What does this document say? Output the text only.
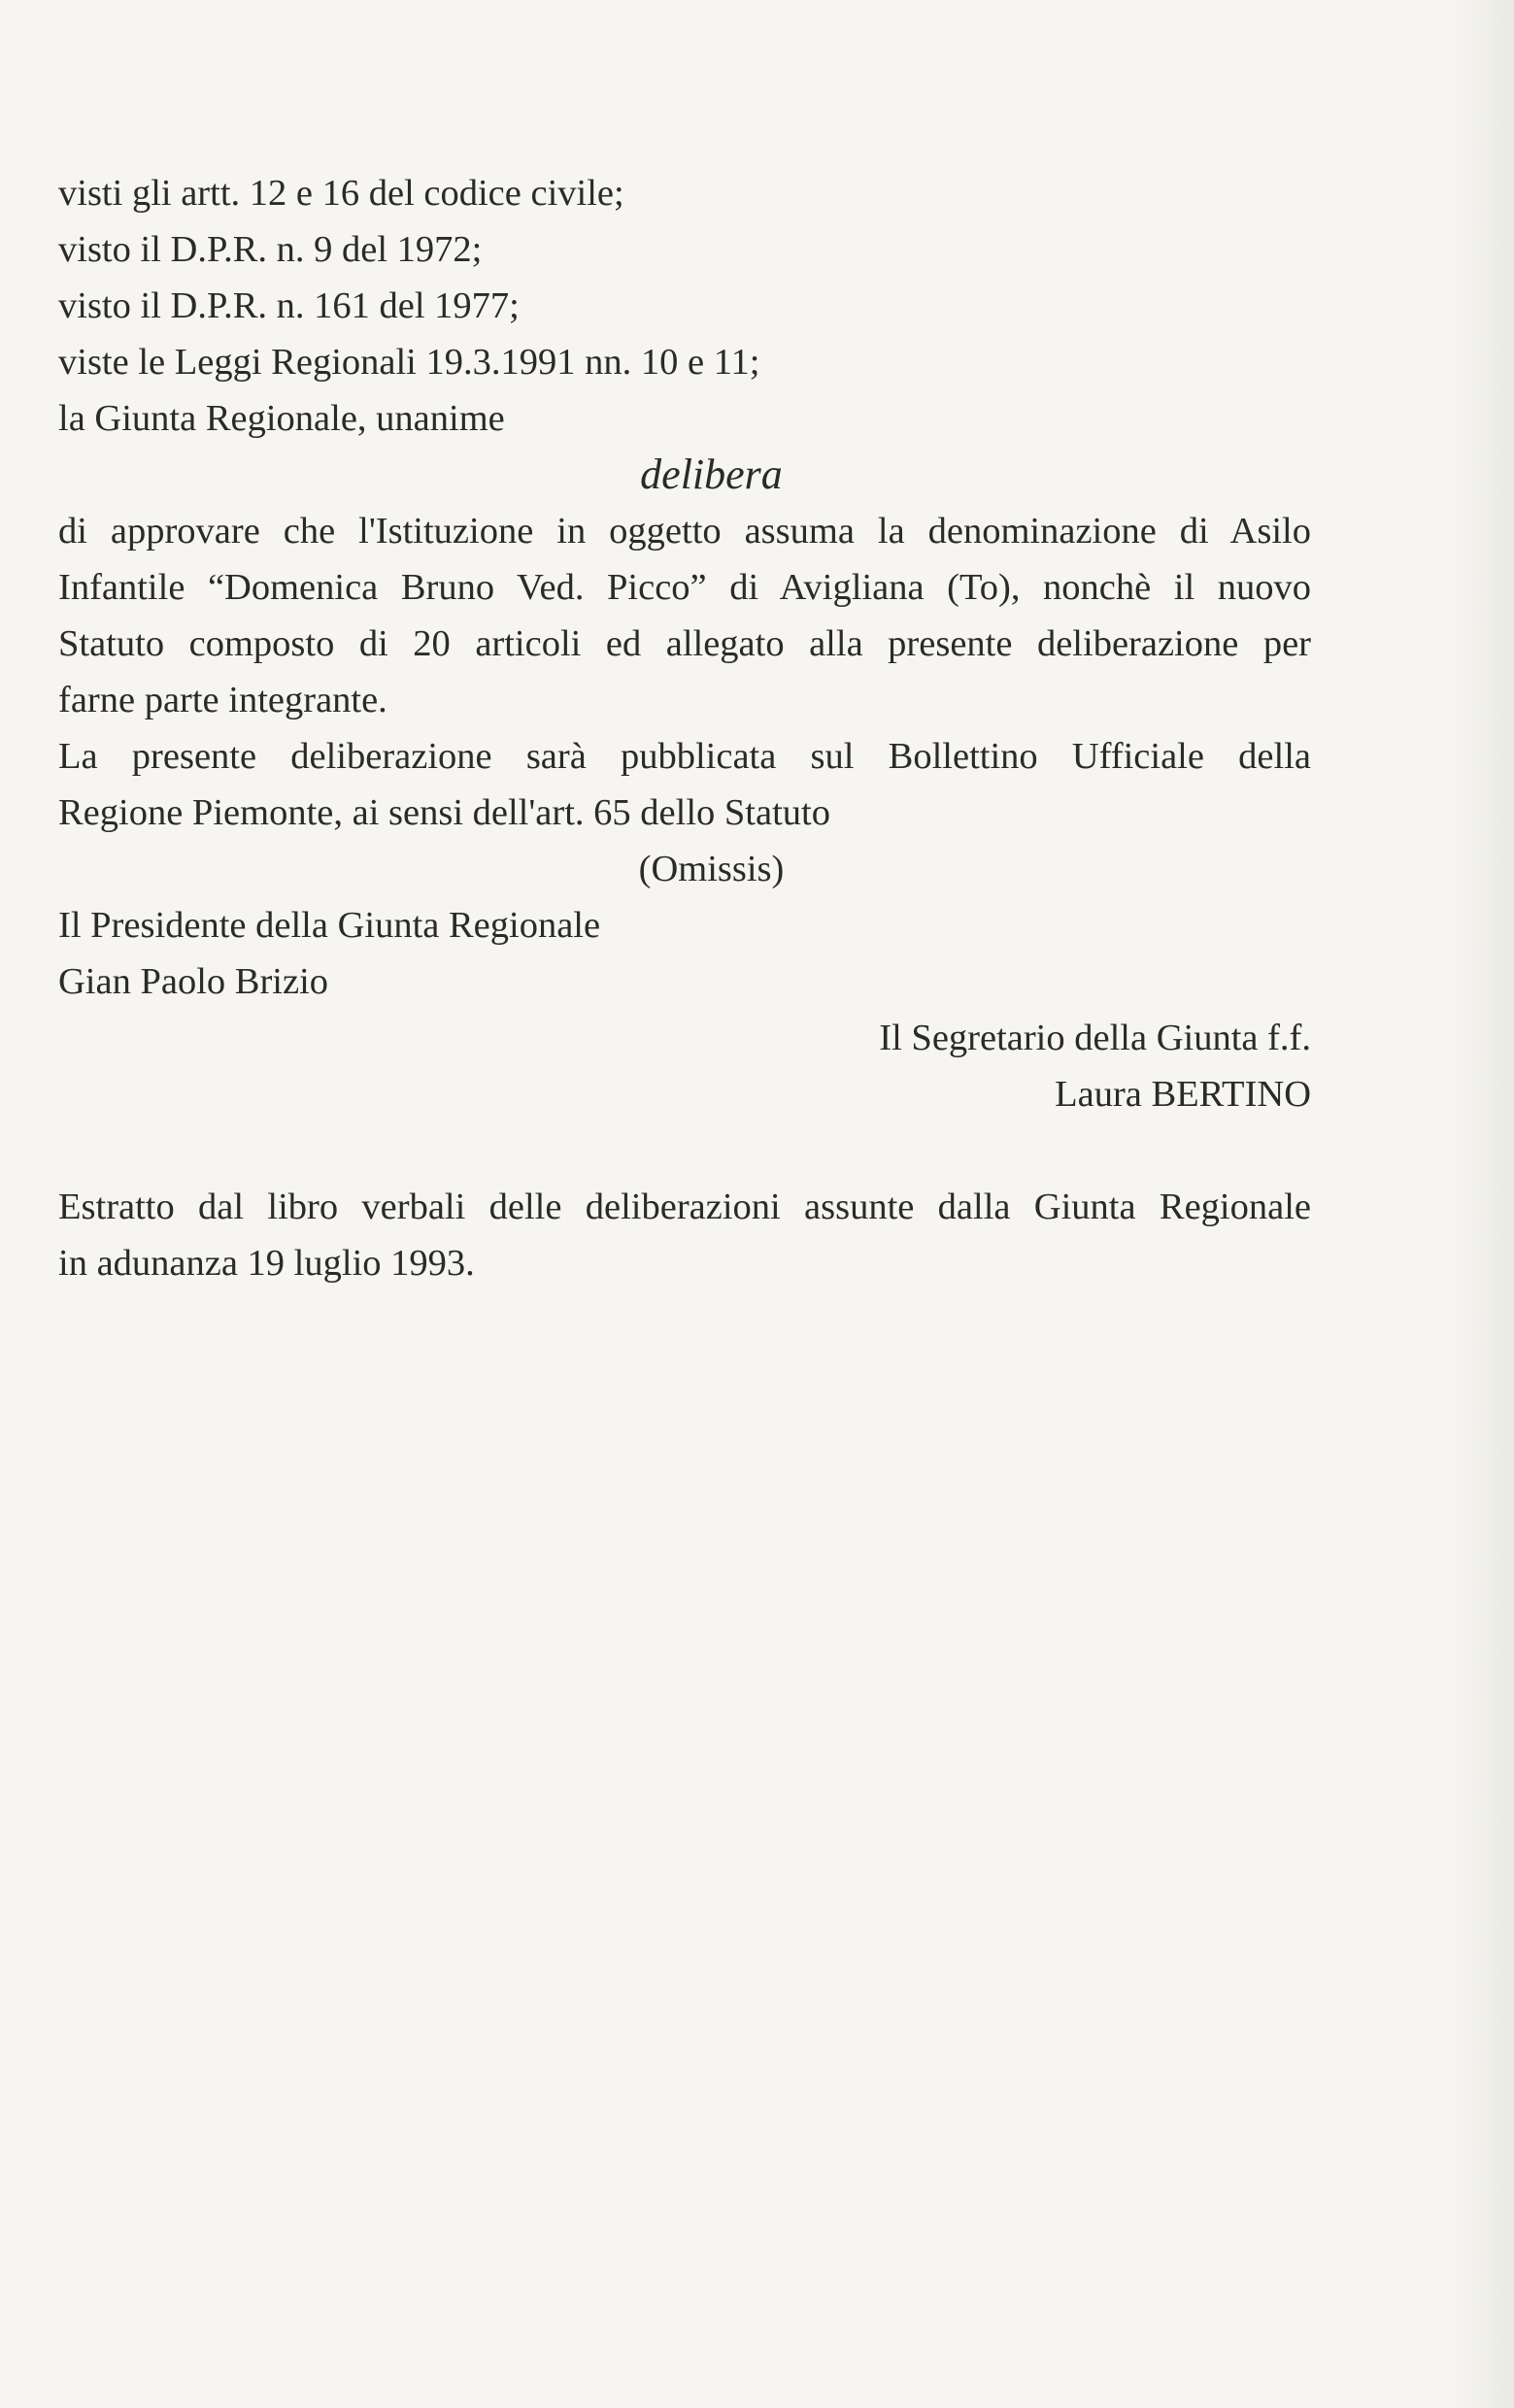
visti gli artt. 12 e 16 del codice civile;

visto il D.P.R. n. 9 del 1972;

visto il D.P.R. n. 161 del 1977;

viste le Leggi Regionali 19.3.1991 nn. 10 e 11;

la Giunta Regionale, unanime

delibera

di approvare che l'Istituzione in oggetto assuma la denominazione di Asilo

Infantile “Domenica Bruno Ved. Picco” di Avigliana (To), nonchè il nuovo

Statuto composto di 20 articoli ed allegato alla presente deliberazione per

farne parte integrante.

La presente deliberazione sarà pubblicata sul Bollettino Ufficiale della

Regione Piemonte, ai sensi dell'art. 65 dello Statuto

(Omissis)

Il Presidente della Giunta Regionale

Gian Paolo Brizio

Il Segretario della Giunta f.f.

Laura BERTINO

Estratto dal libro verbali delle deliberazioni assunte dalla Giunta Regionale

in adunanza 19 luglio 1993.
